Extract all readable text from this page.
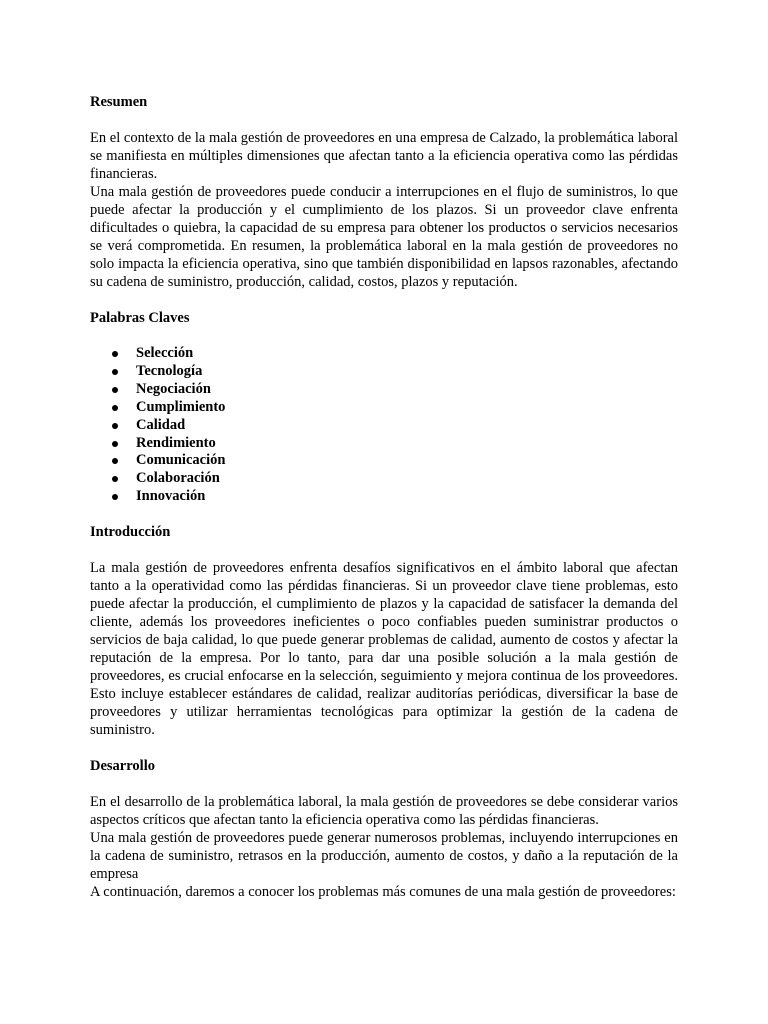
Resumen

En el contexto de la mala gestión de proveedores en una empresa de Calzado, la problemática laboral se manifiesta en múltiples dimensiones que afectan tanto a la eficiencia operativa como las pérdidas financieras.

Una mala gestión de proveedores puede conducir a interrupciones en el flujo de suministros, lo que puede afectar la producción y el cumplimiento de los plazos. Si un proveedor clave enfrenta dificultades o quiebra, la capacidad de su empresa para obtener los productos o servicios necesarios se verá comprometida. En resumen, la problemática laboral en la mala gestión de proveedores no solo impacta la eficiencia operativa, sino que también disponibilidad en lapsos razonables, afectando su cadena de suministro, producción, calidad, costos, plazos y reputación.

Palabras Claves
Selección
Tecnología
Negociación
Cumplimiento
Calidad
Rendimiento
Comunicación
Colaboración
Innovación
Introducción

La mala gestión de proveedores enfrenta desafíos significativos en el ámbito laboral que afectan tanto a la operatividad como las pérdidas financieras. Si un proveedor clave tiene problemas, esto puede afectar la producción, el cumplimiento de plazos y la capacidad de satisfacer la demanda del cliente, además los proveedores ineficientes o poco confiables pueden suministrar productos o servicios de baja calidad, lo que puede generar problemas de calidad, aumento de costos y afectar la reputación de la empresa. Por lo tanto, para dar una posible solución a la mala gestión de proveedores, es crucial enfocarse en la selección, seguimiento y mejora continua de los proveedores. Esto incluye establecer estándares de calidad, realizar auditorías periódicas, diversificar la base de proveedores y utilizar herramientas tecnológicas para optimizar la gestión de la cadena de suministro.

Desarrollo

En el desarrollo de la problemática laboral, la mala gestión de proveedores se debe considerar varios aspectos críticos que afectan tanto la eficiencia operativa como las pérdidas financieras.

Una mala gestión de proveedores puede generar numerosos problemas, incluyendo interrupciones en la cadena de suministro, retrasos en la producción, aumento de costos, y daño a la reputación de la empresa

A continuación, daremos a conocer los problemas más comunes de una mala gestión de proveedores:
